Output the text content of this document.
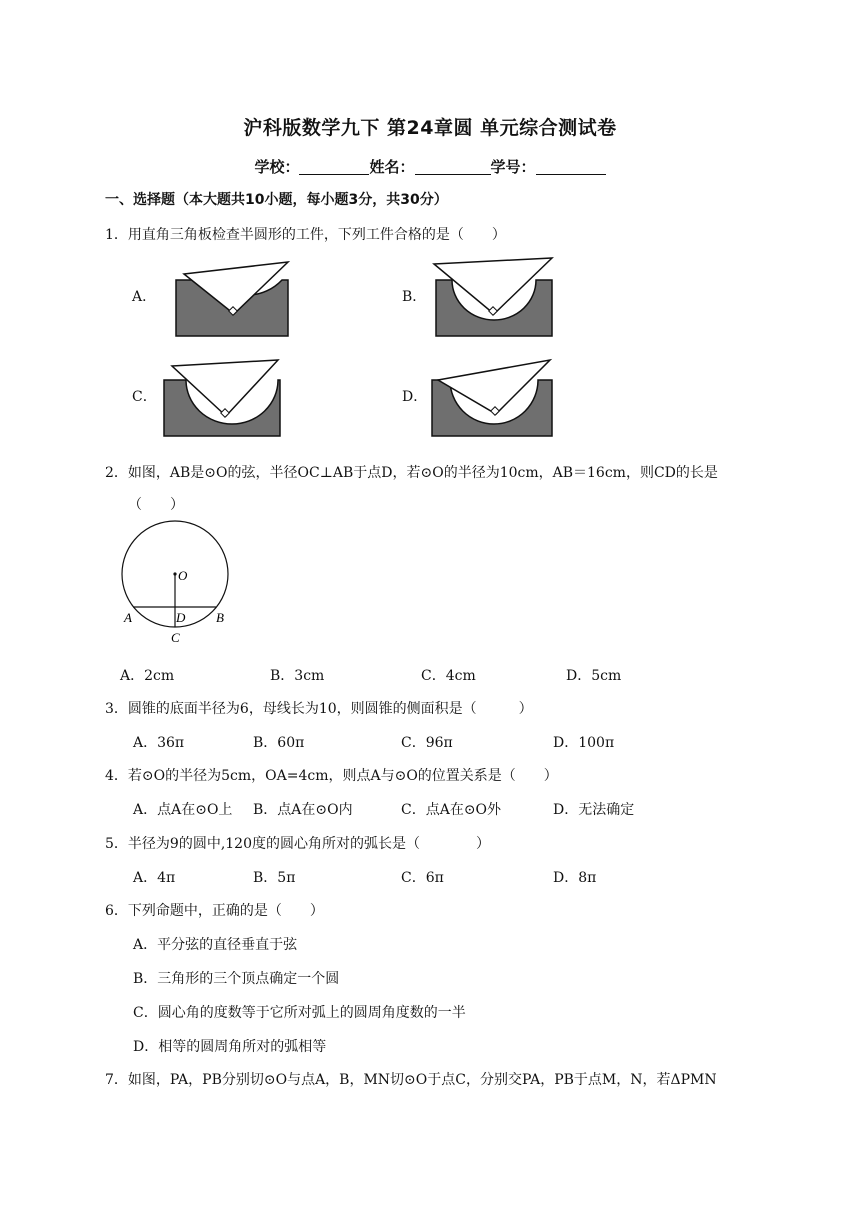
沪科版数学九下 第24章圆 单元综合测试卷
学校：	姓名：	学号：
一、选择题（本大题共10小题，每小题3分，共30分）
1．用直角三角板检查半圆形的工件，下列工件合格的是（　　）
A．	B．
C．	D．
2．如图，AB是⊙O的弦，半径OC⊥AB于点D，若⊙O的半径为10cm，AB＝16cm，则CD的长是
（　　）
O
A	B
D
C
A．2cm	B．3cm	C．4cm	D．5cm
3．圆锥的底面半径为6，母线长为10，则圆锥的侧面积是（　　　）
A．36π	B．60π	C．96π	D．100π
4．若⊙O的半径为5cm，OA=4cm，则点A与⊙O的位置关系是（　　）
A．点A在⊙O上 B．点A在⊙O内	C．点A在⊙O外	D．无法确定
5．半径为9的圆中,120度的圆心角所对的弧长是（　　　　）
A．4π	B．5π	C．6π	D．8π
6．下列命题中，正确的是（　　）
A．平分弦的直径垂直于弦
B．三角形的三个顶点确定一个圆
C．圆心角的度数等于它所对弧上的圆周角度数的一半
D．相等的圆周角所对的弧相等
7．如图，PA，PB分别切⊙O与点A，B，MN切⊙O于点C，分别交PA，PB于点M，N，若ΔPMN
